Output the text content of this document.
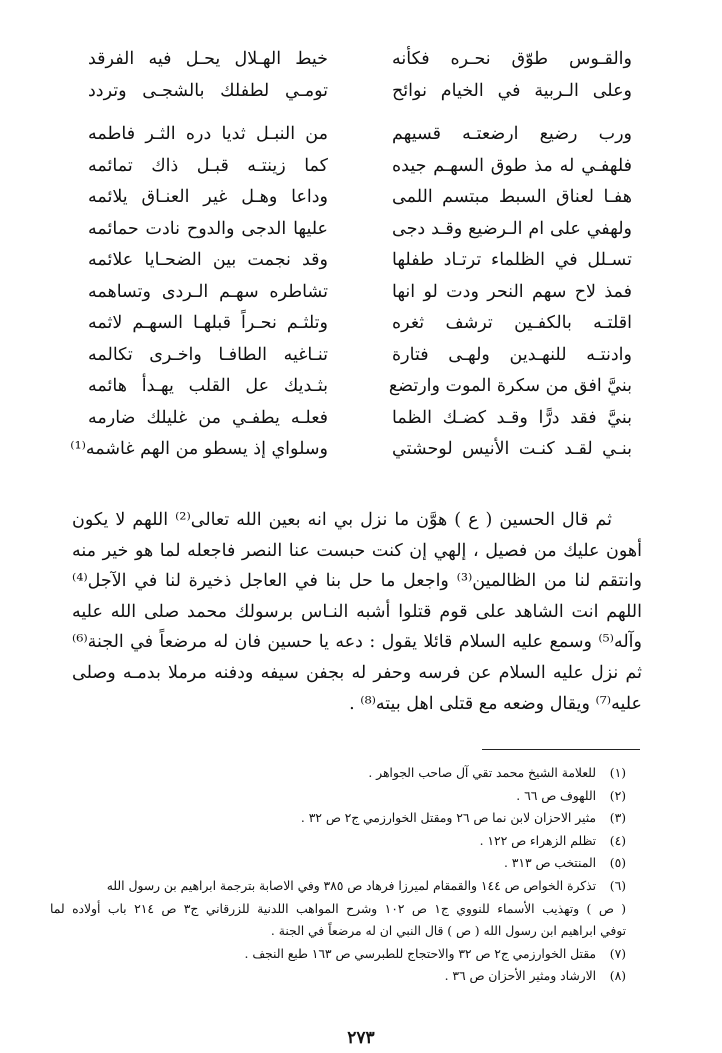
والقـوس طوّق نحـره فكأنه
خيط الهـلال يحـل فيه الفرقد
وعلى الـربية في الخيام نوائح
تومـي لطفلك بالشجـى وتردد
ورب رضيع ارضعتـه قسيهم
من النبـل ثديا دره الثـر فاطمه
فلهفـي له مذ طوق السهـم جيده
كما زينتـه قبـل ذاك تمائمه
هفـا لعناق السبط مبتسم اللمى
وداعا وهـل غير العنـاق يلائمه
ولهفي على ام الـرضيع وقـد دجى
عليها الدجى والدوح نادت حمائمه
تسـلل في الظلماء ترتـاد طفلها
وقد نجمت بين الضحـايا علائمه
فمذ لاح سهم النحر ودت لو انها
تشاطره سهـم الـردى وتساهمه
اقلتـه بالكفـين ترشف ثغره
وتلثـم نحـراً قبلهـا السهـم لاثمه
وادنتـه للنهـدين ولهـى فتارة
تنـاغيه الطافـا واخـرى تكالمه
بنيَّ افق من سكرة الموت وارتضع
بثـديك عل القلب يهـدأ هائمه
بنيَّ فقد درًّا وقـد كضـك الظما
فعلـه يطفـي من غليلك ضارمه
بنـي لقـد كنـت الأنيس لوحشتي
وسلواي إذ يسطو من الهم غاشمه⁽¹⁾
ثم قال الحسين ( ع ) هوَّن ما نزل بي انه بعين الله تعالى⁽²⁾ اللهم لا يكون
أهون عليك من فصيل ، إلهي إن كنت حبست عنا النصر فاجعله لما هو خير منه
وانتقم لنا من الظالمين⁽³⁾ واجعل ما حل بنا في العاجل ذخيرة لنا في الآجل⁽⁴⁾
اللهم انت الشاهد على قوم قتلوا أشبه النـاس برسولك محمد صلى الله عليه
وآله⁽⁵⁾ وسمع عليه السلام قائلا يقول : دعه يا حسين فان له مرضعاً في الجنة⁽⁶⁾
ثم نزل عليه السلام عن فرسه وحفر له بجفن سيفه ودفنه مرملا بدمـه وصلى
عليه⁽⁷⁾ ويقال وضعه مع قتلى اهل بيته⁽⁸⁾ .
(١)للعلامة الشيخ محمد تقي آل صاحب الجواهر .
(٢)اللهوف ص ٦٦ .
(٣)مثير الاحزان لابن نما ص ٢٦ ومقتل الخوارزمي ج٢ ص ٣٢ .
(٤)تظلم الزهراء ص ١٢٢ .
(٥)المنتخب ص ٣١٣ .
(٦)تذكرة الخواص ص ١٤٤ والقمقام لميرزا فرهاد ص ٣٨٥ وفي الاصابة بترجمة ابراهيم بن رسول الله
( ص ) وتهذيب الأسماء للنووي ج١ ص ١٠٢ وشرح المواهب اللدنية للزرقاني ج٣ ص ٢١٤ باب أولاده لما
توفي ابراهيم ابن رسول الله ( ص ) قال النبي ان له مرضعاً في الجنة .
(٧)مقتل الخوارزمي ج٢ ص ٣٢ والاحتجاج للطبرسي ص ١٦٣ طبع النجف .
(٨)الارشاد ومثير الأحزان ص ٣٦ .
٢٧٣
